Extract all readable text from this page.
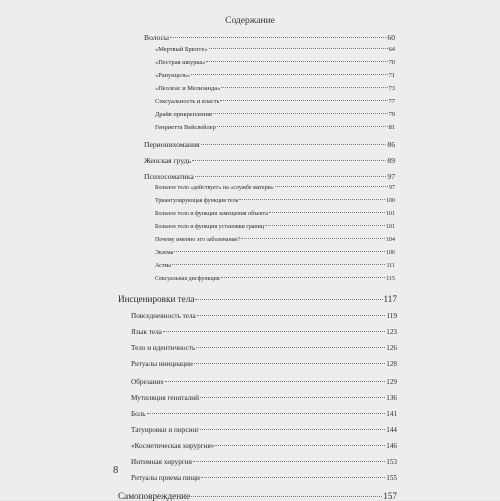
Содержание
Волосы	60
«Мертвый Брюгге»	64
«Пестрая шкурка»	70
«Рапунцель»	71
«Пеллеас и Мелизанда»	73
Сексуальность и власть	77
Драйв прикрепления	79
Генриетта Вейсвейлер	81
Перионихомания	86
Женская грудь	89
Психосоматика	97
Больное тело «действует» на «службе матери»	97
Триангулирующая функция тела	100
Больное тело и функция замещения объекта	101
Больное тело и функция установки границ	101
Почему именно это заболевание?	104
Экзема	106
Астма	111
Сексуальная дисфункция	115
Инсценировки тела	117
Повседневность тела	119
Язык тела	123
Тело и идентичность	126
Ритуалы инициации	128
Обрезание	129
Мутиляция гениталий	136
Боль	141
Татуировки и пирсинг	144
«Косметическая хирургия»	146
Интимная хирургия	153
Ритуалы приема пищи	155
Самоповреждение	157
8
